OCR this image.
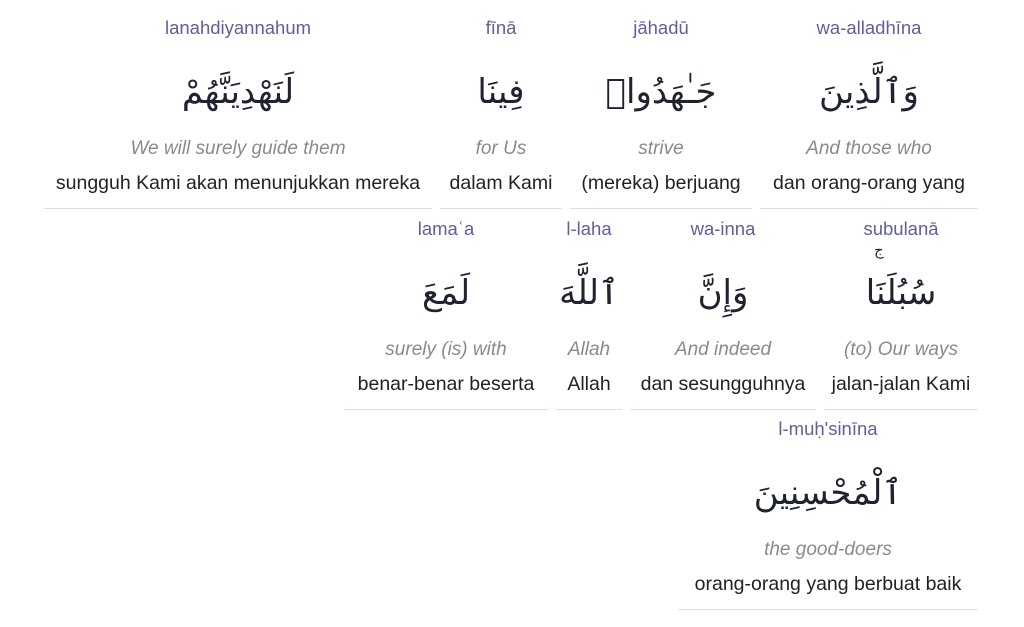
wa-alladhīna
وَٱلَّذِينَ
And those who
dan orang-orang yang
jāhadū
جَـٰهَدُوا۟
strive
(mereka) berjuang
fīnā
فِينَا
for Us
dalam Kami
lanahdiyannahum
لَنَهْدِيَنَّهُمْ
We will surely guide them
sungguh Kami akan menunjukkan mereka
subulanā
سُبُلَنَا
ج
(to) Our ways
jalan-jalan Kami
wa-inna
وَإِنَّ
And indeed
dan sesungguhnya
l-laha
ٱللَّهَ
Allah
Allah
lamaʿa
لَمَعَ
surely (is) with
benar-benar beserta
l-muḥ'sinīna
ٱلْمُحْسِنِينَ
the good-doers
orang-orang yang berbuat baik
